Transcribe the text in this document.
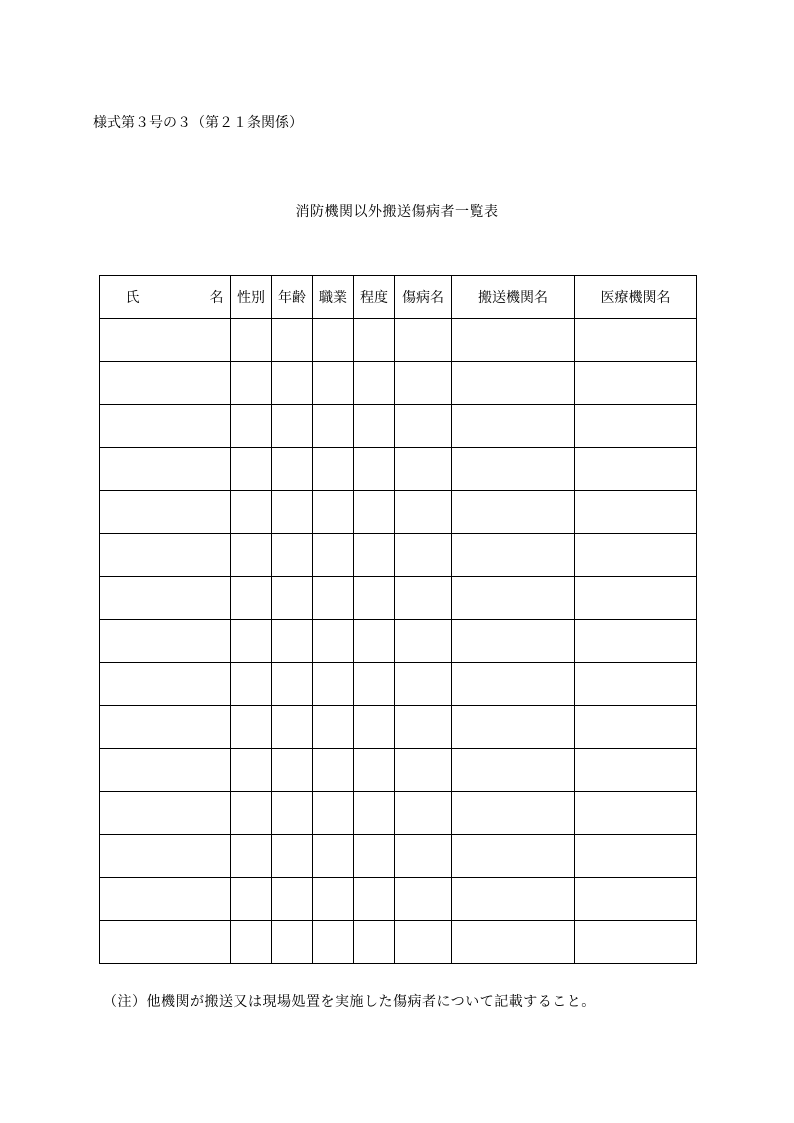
様式第３号の３（第２１条関係）
消防機関以外搬送傷病者一覧表
氏 名	性別	年齢	職業	程度	傷病名	搬送機関名	医療機関名

（注）他機関が搬送又は現場処置を実施した傷病者について記載すること。
